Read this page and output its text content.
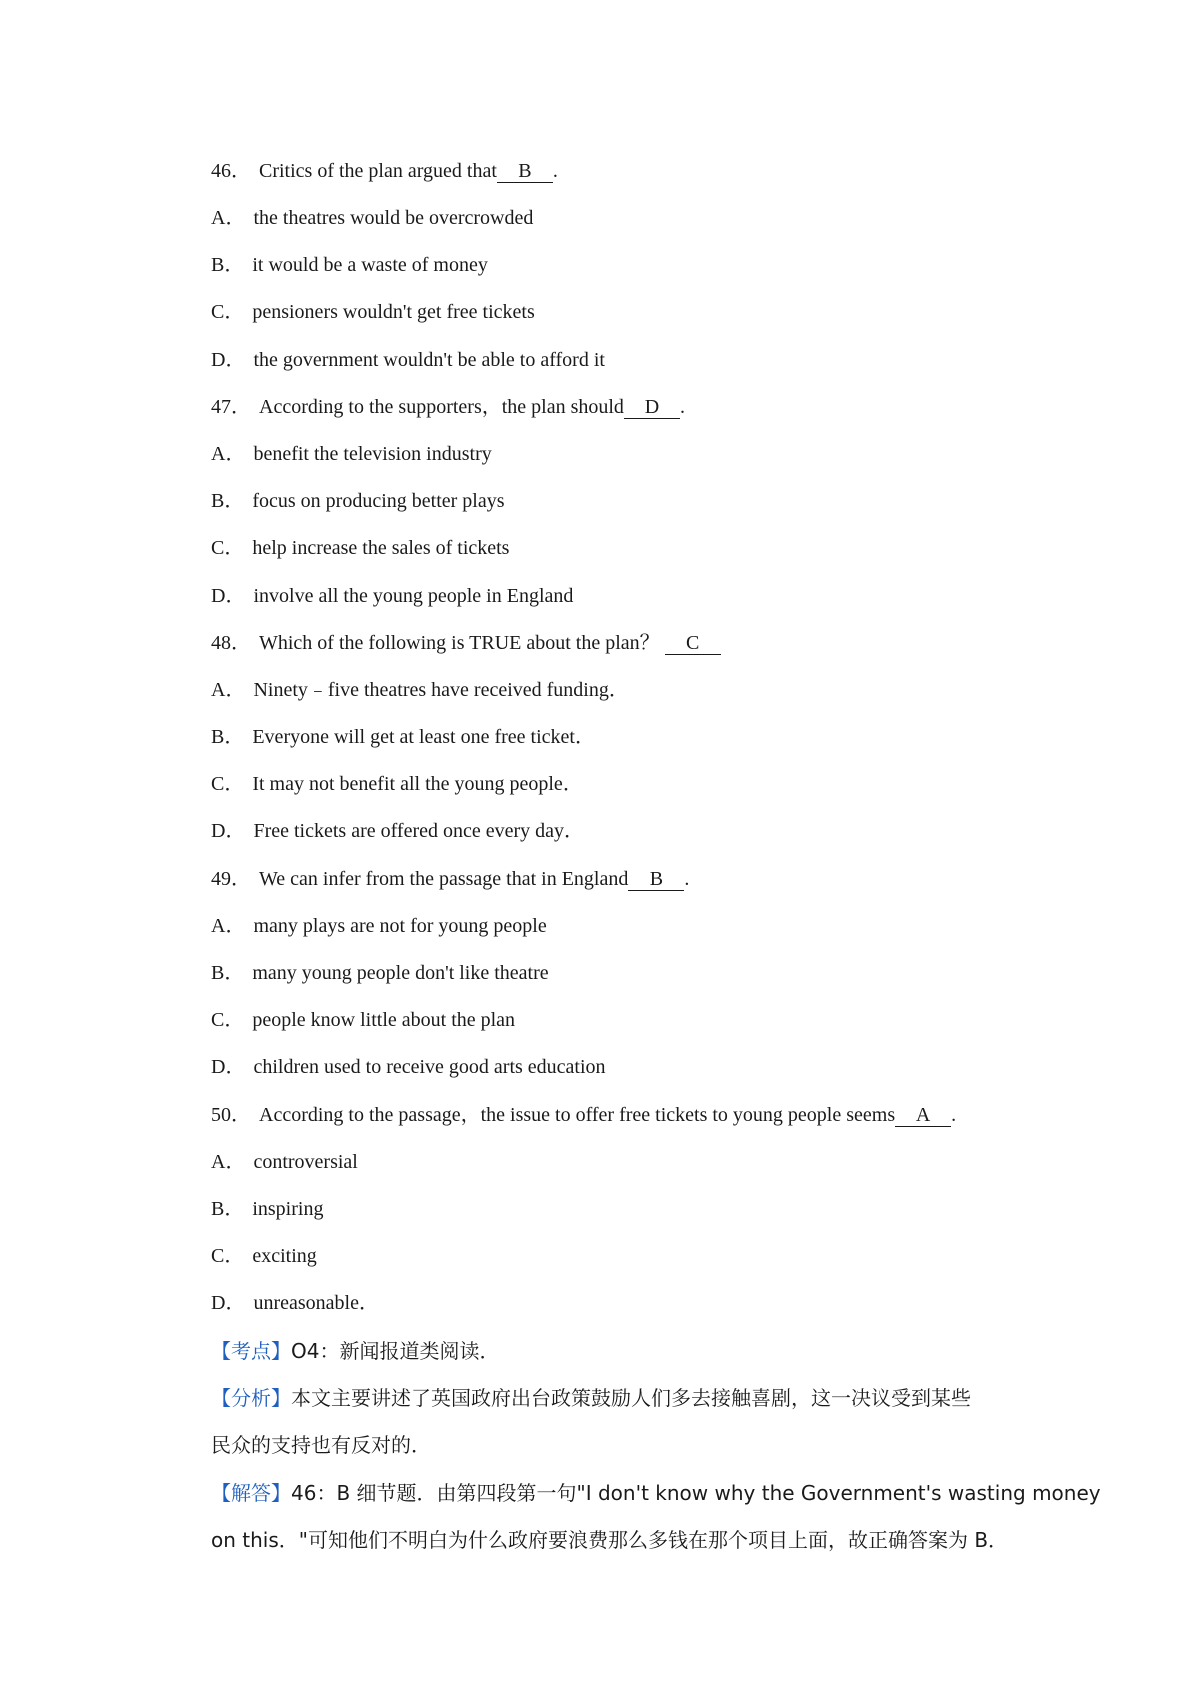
46． Critics of the plan argued that B .
A． the theatres would be overcrowded
B． it would be a waste of money
C． pensioners wouldn't get free tickets
D． the government wouldn't be able to afford it
47． According to the supporters，the plan should D .
A． benefit the television industry
B． focus on producing better plays
C． help increase the sales of tickets
D． involve all the young people in England
48． Which of the following is TRUE about the plan？ C
A． Ninety﹣five theatres have received funding．
B． Everyone will get at least one free ticket．
C． It may not benefit all the young people．
D． Free tickets are offered once every day．
49． We can infer from the passage that in England B .
A． many plays are not for young people
B． many young people don't like theatre
C． people know little about the plan
D． children used to receive good arts education
50． According to the passage，the issue to offer free tickets to young people seems A .
A． controversial
B． inspiring
C． exciting
D． unreasonable．
【考点】O4：新闻报道类阅读．
【分析】本文主要讲述了英国政府出台政策鼓励人们多去接触喜剧，这一决议受到某些
民众的支持也有反对的．
【解答】46：B 细节题．由第四段第一句"I don't know why the Government's wasting money
on this．"可知他们不明白为什么政府要浪费那么多钱在那个项目上面，故正确答案为 B．
